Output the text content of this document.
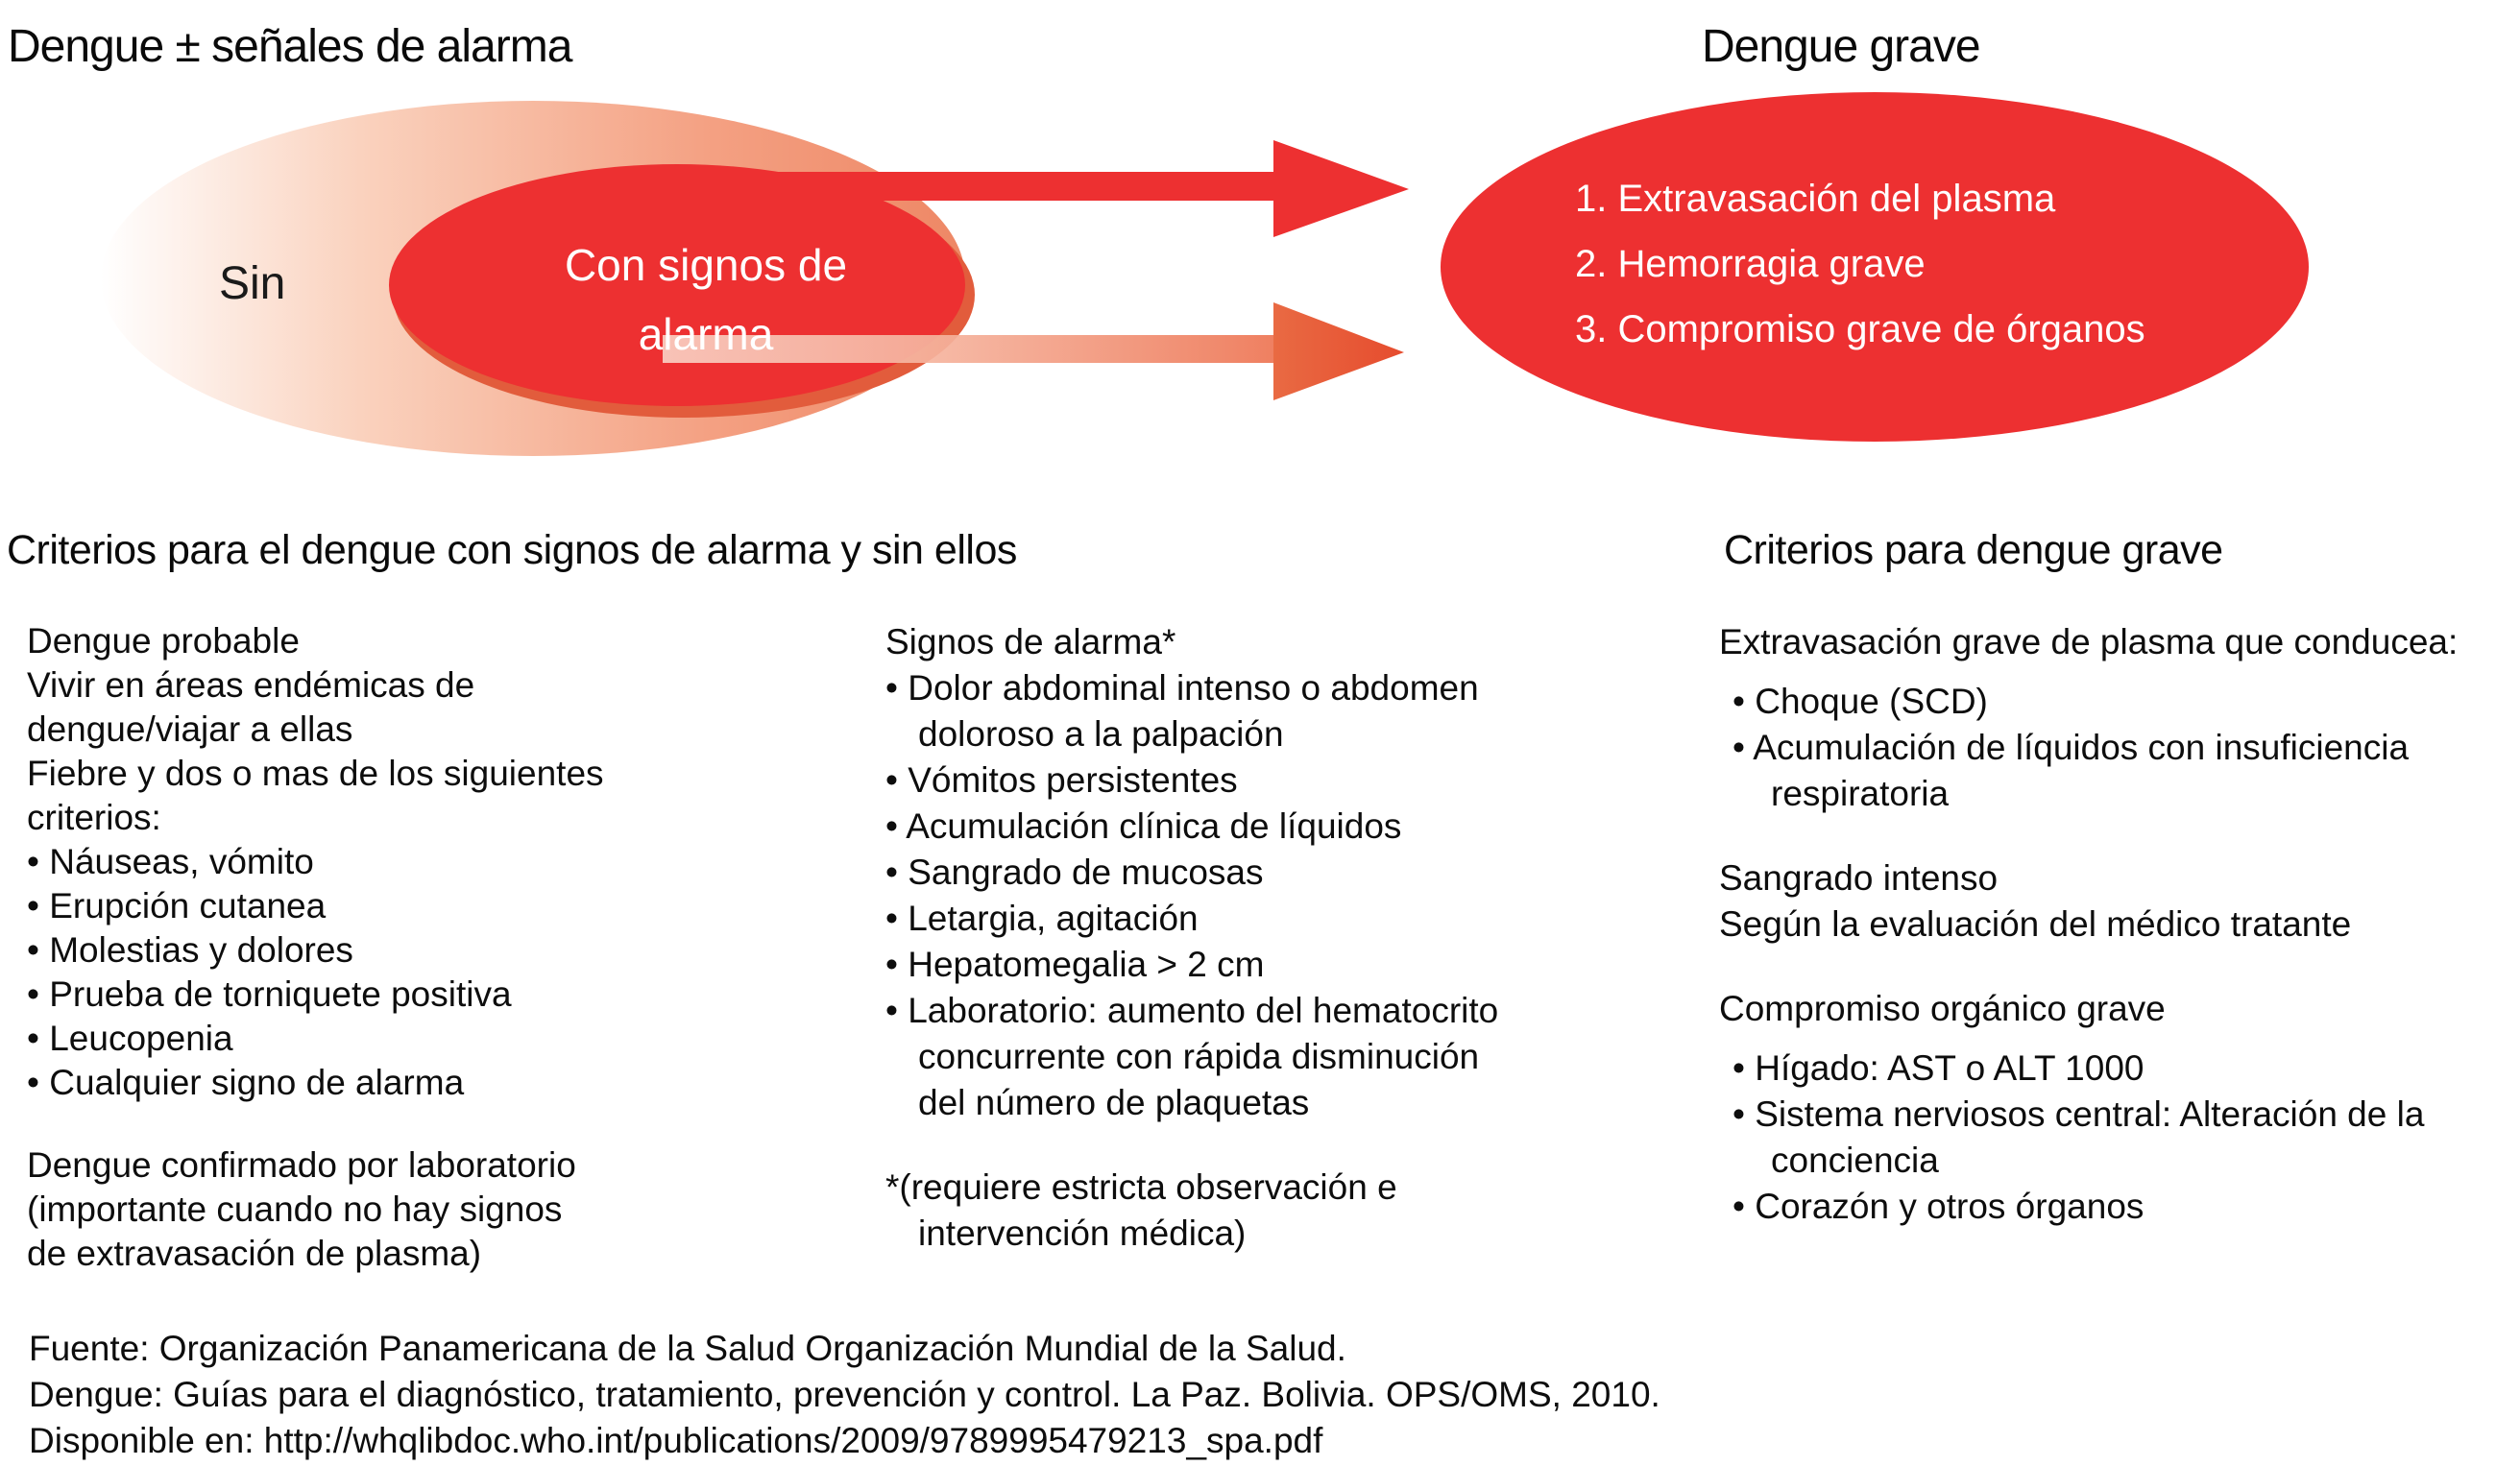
Dengue ± señales de alarma	Dengue grave
Sin	Con signos de
alarma
1. Extravasación del plasma
2. Hemorragia grave
3. Compromiso grave de órganos
Criterios para el dengue con signos de alarma y sin ellos	Criterios para dengue grave
Dengue probable
Vivir en áreas endémicas de
dengue/viajar a ellas
Fiebre y dos o mas de los siguientes
criterios:
• Náuseas, vómito
• Erupción cutanea
• Molestias y dolores
• Prueba de torniquete positiva
• Leucopenia
• Cualquier signo de alarma
Dengue confirmado por laboratorio
(importante cuando no hay signos
de extravasación de plasma)
Signos de alarma*
• Dolor abdominal intenso o abdomen
doloroso a la palpación
• Vómitos persistentes
• Acumulación clínica de líquidos
• Sangrado de mucosas
• Letargia, agitación
• Hepatomegalia > 2 cm
• Laboratorio: aumento del hematocrito
concurrente con rápida disminución
del número de plaquetas
*(requiere estricta observación e
intervención médica)
Extravasación grave de plasma que conducea:
• Choque (SCD)
• Acumulación de líquidos con insuficiencia
respiratoria
Sangrado intenso
Según la evaluación del médico tratante
Compromiso orgánico grave
• Hígado: AST o ALT 1000
• Sistema nerviosos central: Alteración de la
conciencia
• Corazón y otros órganos
Fuente: Organización Panamericana de la Salud Organización Mundial de la Salud.
Dengue: Guías para el diagnóstico, tratamiento, prevención y control. La Paz. Bolivia. OPS/OMS, 2010.
Disponible en: http://whqlibdoc.who.int/publications/2009/9789995479213_spa.pdf
